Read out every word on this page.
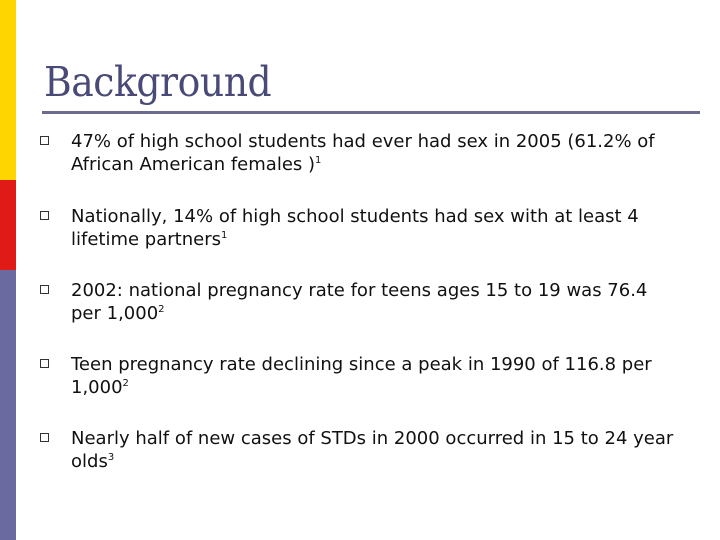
Background
47% of high school students had ever had sex in 2005 (61.2% of African American females )$^1$
Nationally, 14% of high school students had sex with at least 4 lifetime partners$^1$
2002: national pregnancy rate for teens ages 15 to 19 was 76.4 per 1,000$^2$
Teen pregnancy rate declining since a peak in 1990 of 116.8 per 1,000$^2$
Nearly half of new cases of STDs in 2000 occurred in 15 to 24 year olds$^3$
